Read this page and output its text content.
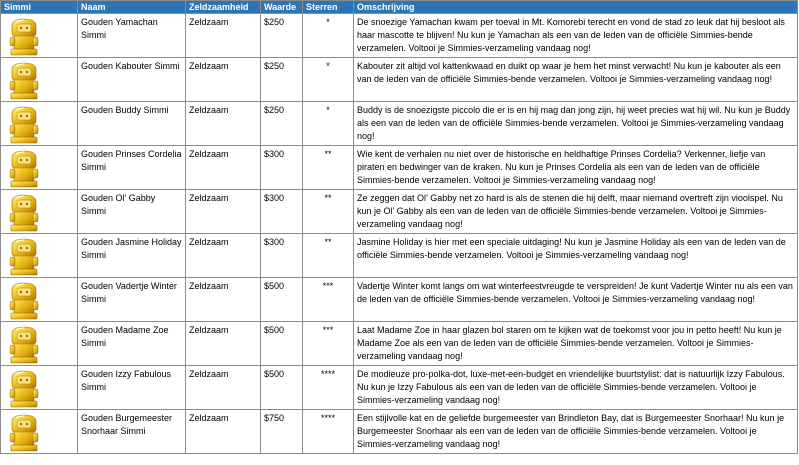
Simmi	Naam	Zeldzaamheid	Waarde	Sterren	Omschrijving

	Gouden Yamachan Simmi	Zeldzaam	$250	*	De snoezige Yamachan kwam per toeval in Mt. Komorebi terecht en vond de stad zo leuk dat hij besloot als haar mascotte te blijven! Nu kun je Yamachan als een van de leden van de officiële Simmies-bende verzamelen. Voltooi je Simmies-verzameling vandaag nog!

	Gouden Kabouter Simmi	Zeldzaam	$250	*	Kabouter zit altijd vol kattenkwaad en duikt op waar je hem het minst verwacht! Nu kun je kabouter als een van de leden van de officiële Simmies-bende verzamelen. Voltooi je Simmies-verzameling vandaag nog!

	Gouden Buddy Simmi	Zeldzaam	$250	*	Buddy is de snoezigste piccolo die er is en hij mag dan jong zijn, hij weet precies wat hij wil. Nu kun je Buddy als een van de leden van de officiële Simmies-bende verzamelen. Voltooi je Simmies-verzameling vandaag nog!

	Gouden Prinses Cordelia Simmi	Zeldzaam	$300	**	Wie kent de verhalen nu niet over de historische en heldhaftige Prinses Cordelia? Verkenner, liefje van piraten en bedwinger van de kraken. Nu kun je Prinses Cordelia als een van de leden van de officiële Simmies-bende verzamelen. Voltooi je Simmies-verzameling vandaag nog!

	Gouden Ol’ Gabby Simmi	Zeldzaam	$300	**	Ze zeggen dat Ol’ Gabby net zo hard is als de stenen die hij delft, maar niemand overtreft zijn vioolspel. Nu kun je Ol’ Gabby als een van de leden van de officiële Simmies-bende verzamelen. Voltooi je Simmies-verzameling vandaag nog!

	Gouden Jasmine Holiday Simmi	Zeldzaam	$300	**	Jasmine Holiday is hier met een speciale uitdaging! Nu kun je Jasmine Holiday als een van de leden van de officiële Simmies-bende verzamelen. Voltooi je Simmies-verzameling vandaag nog!

	Gouden Vadertje Winter Simmi	Zeldzaam	$500	***	Vadertje Winter komt langs om wat winterfeestvreugde te verspreiden! Je kunt Vadertje Winter nu als een van de leden van de officiële Simmies-bende verzamelen. Voltooi je Simmies-verzameling vandaag nog!

	Gouden Madame Zoe Simmi	Zeldzaam	$500	***	Laat Madame Zoe in haar glazen bol staren om te kijken wat de toekomst voor jou in petto heeft! Nu kun je Madame Zoe als een van de leden van de officiële Simmies-bende verzamelen. Voltooi je Simmies-verzameling vandaag nog!

	Gouden Izzy Fabulous Simmi	Zeldzaam	$500	****	De modieuze pro-polka-dot, luxe-met-een-budget en vriendelijke buurtstylist: dat is natuurlijk Izzy Fabulous. Nu kun je Izzy Fabulous als een van de leden van de officiële Simmies-bende verzamelen. Voltooi je Simmies-verzameling vandaag nog!

	Gouden Burgemeester Snorhaar Simmi	Zeldzaam	$750	****	Een stijlvolle kat en de geliefde burgemeester van Brindleton Bay, dat is Burgemeester Snorhaar! Nu kun je Burgemeester Snorhaar als een van de leden van de officiële Simmies-bende verzamelen. Voltooi je Simmies-verzameling vandaag nog!
